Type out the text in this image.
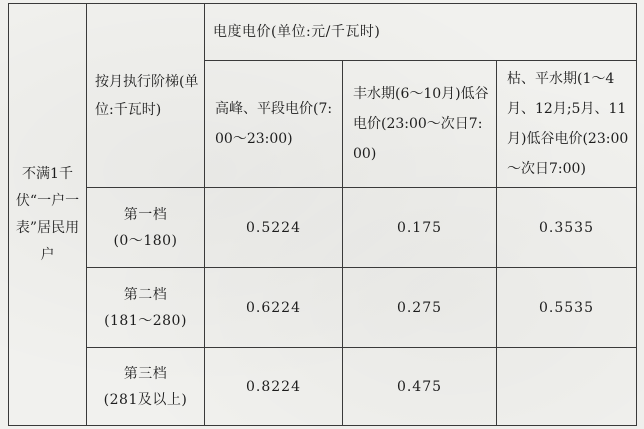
不满1千伏“一户一表”居民用户	按月执行阶梯(单位:千瓦时)	电度电价(单位:元/千瓦时)		

		高峰、平段电价(7:00～23:00)	丰水期(6～10月)低谷电价(23:00～次日7:00)	枯、平水期(1～4月、12月;5月、11月)低谷电价(23:00～次日7:00)

	第一档
(0～180)	0.5224	0.175	0.3535

	第二档
(181～280)	0.6224	0.275	0.5535

	第三档
(281及以上)	0.8224	0.475	
